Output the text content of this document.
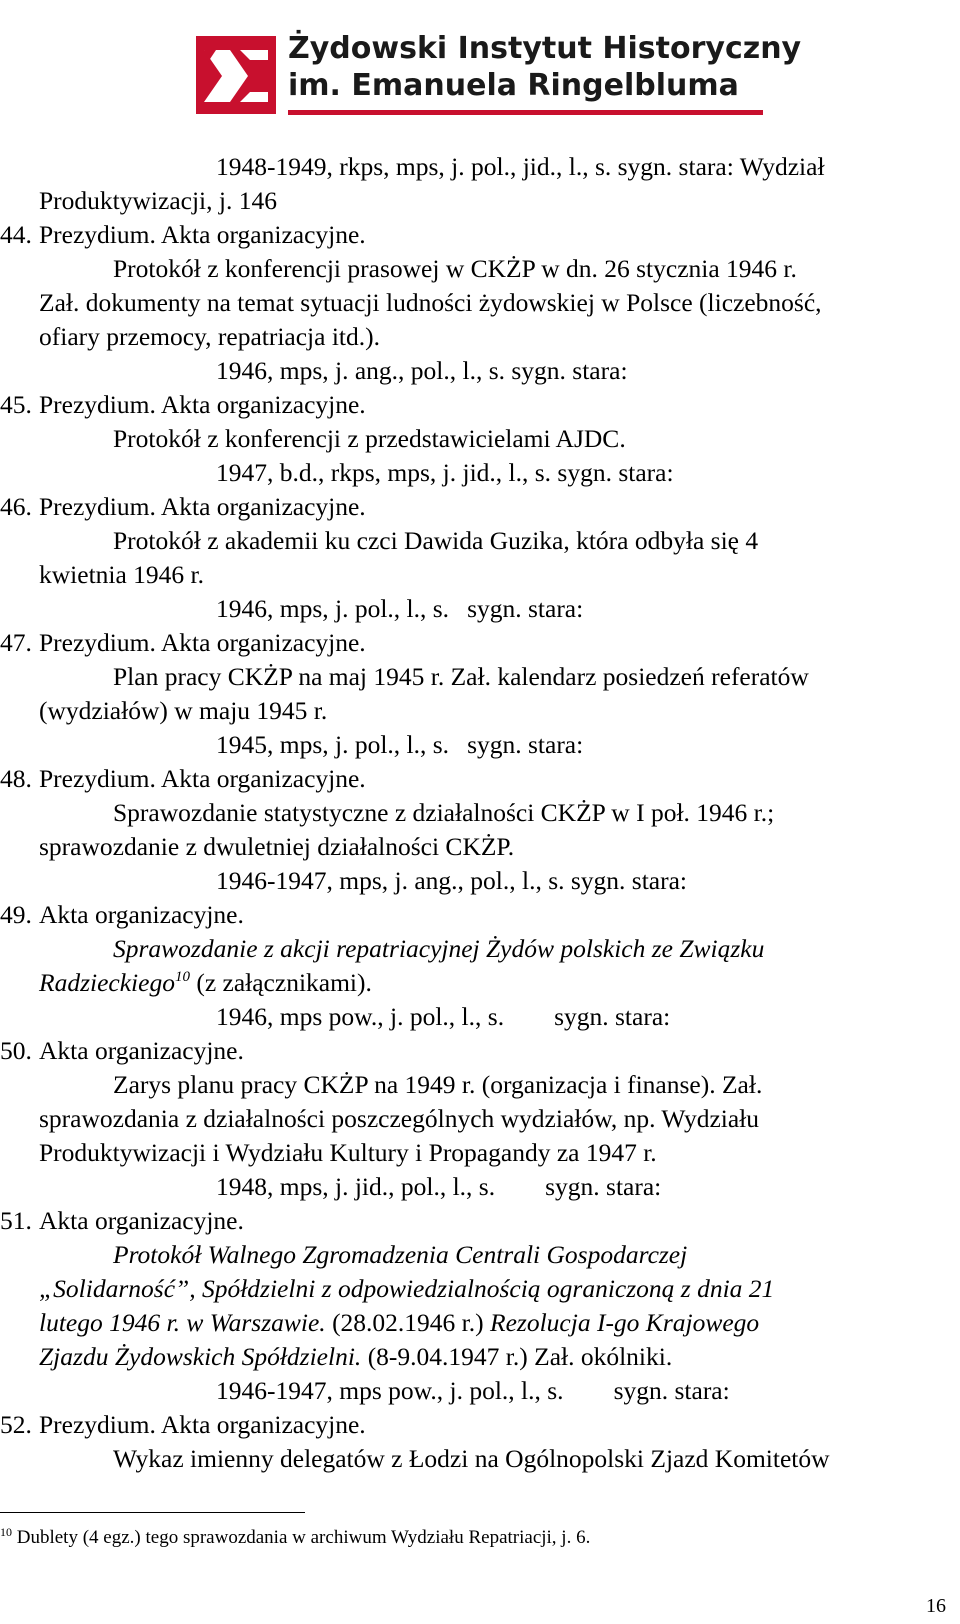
Żydowski Instytut Historyczny
im. Emanuela Ringelbluma
1948-1949, rkps, mps, j. pol., jid., l., s. sygn. stara: Wydział
Produktywizacji, j. 146
44. Prezydium. Akta organizacyjne.
Protokół z konferencji prasowej w CKŻP w dn. 26 stycznia 1946 r.
Zał. dokumenty na temat sytuacji ludności żydowskiej w Polsce (liczebność,
ofiary przemocy, repatriacja itd.).
1946, mps, j. ang., pol., l., s. sygn. stara:
45. Prezydium. Akta organizacyjne.
Protokół z konferencji z przedstawicielami AJDC.
1947, b.d., rkps, mps, j. jid., l., s. sygn. stara:
46. Prezydium. Akta organizacyjne.
Protokół z akademii ku czci Dawida Guzika, która odbyła się 4
kwietnia 1946 r.
1946, mps, j. pol., l., s. sygn. stara:
47. Prezydium. Akta organizacyjne.
Plan pracy CKŻP na maj 1945 r. Zał. kalendarz posiedzeń referatów
(wydziałów) w maju 1945 r.
1945, mps, j. pol., l., s. sygn. stara:
48. Prezydium. Akta organizacyjne.
Sprawozdanie statystyczne z działalności CKŻP w I poł. 1946 r.;
sprawozdanie z dwuletniej działalności CKŻP.
1946-1947, mps, j. ang., pol., l., s. sygn. stara:
49. Akta organizacyjne.
Sprawozdanie z akcji repatriacyjnej Żydów polskich ze Związku
Radzieckiego$^{10}$ (z załącznikami).
1946, mps pow., j. pol., l., s. sygn. stara:
50. Akta organizacyjne.
Zarys planu pracy CKŻP na 1949 r. (organizacja i finanse). Zał.
sprawozdania z działalności poszczególnych wydziałów, np. Wydziału
Produktywizacji i Wydziału Kultury i Propagandy za 1947 r.
1948, mps, j. jid., pol., l., s. sygn. stara:
51. Akta organizacyjne.
Protokół Walnego Zgromadzenia Centrali Gospodarczej
„Solidarność”, Spółdzielni z odpowiedzialnością ograniczoną z dnia 21
lutego 1946 r. w Warszawie. (28.02.1946 r.) Rezolucja I-go Krajowego
Zjazdu Żydowskich Spółdzielni. (8-9.04.1947 r.) Zał. okólniki.
1946-1947, mps pow., j. pol., l., s. sygn. stara:
52. Prezydium. Akta organizacyjne.
Wykaz imienny delegatów z Łodzi na Ogólnopolski Zjazd Komitetów
$^{10}$ Dublety (4 egz.) tego sprawozdania w archiwum Wydziału Repatriacji, j. 6.
16
